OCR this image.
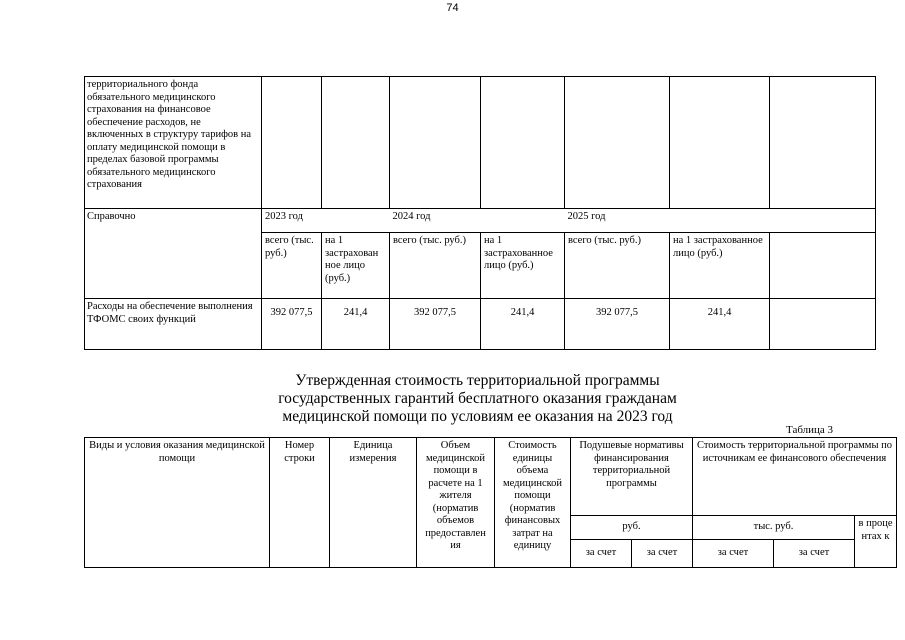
74
территориального фонда обязательного медицинского страхования на финансовое обеспечение расходов, не включенных в структуру тарифов на оплату медицинской помощи в пределах базовой программы обязательного медицинского страхования							
Справочно	2023 год		2024 год		2025 год		
	всего (тыс. руб.)	на 1 застрахован ное лицо (руб.)	всего (тыс. руб.)	на 1 застрахованное лицо (руб.)	всего (тыс. руб.)	на 1 застрахованное лицо (руб.)	
Расходы на обеспечение выполнения ТФОМС своих функций	392 077,5	241,4	392 077,5	241,4	392 077,5	241,4	
Утвержденная стоимость территориальной программы
государственных гарантий бесплатного оказания гражданам
медицинской помощи по условиям ее оказания на 2023 год
Таблица 3
Виды и условия оказания медицинской помощи	Номер строки	Единица измерения	Объем медицинской помощи в расчете на 1 жителя (норматив объемов предоставлен ия	Стоимость единицы объема медицинской помощи (норматив финансовых затрат на единицу	Подушевые нормативы финансирования территориальной программы		Стоимость территориальной программы по источникам ее финансового обеспечения		
					руб.		тыс. руб.		в проце нтах к
					за счет	за счет	за счет	за счет	
